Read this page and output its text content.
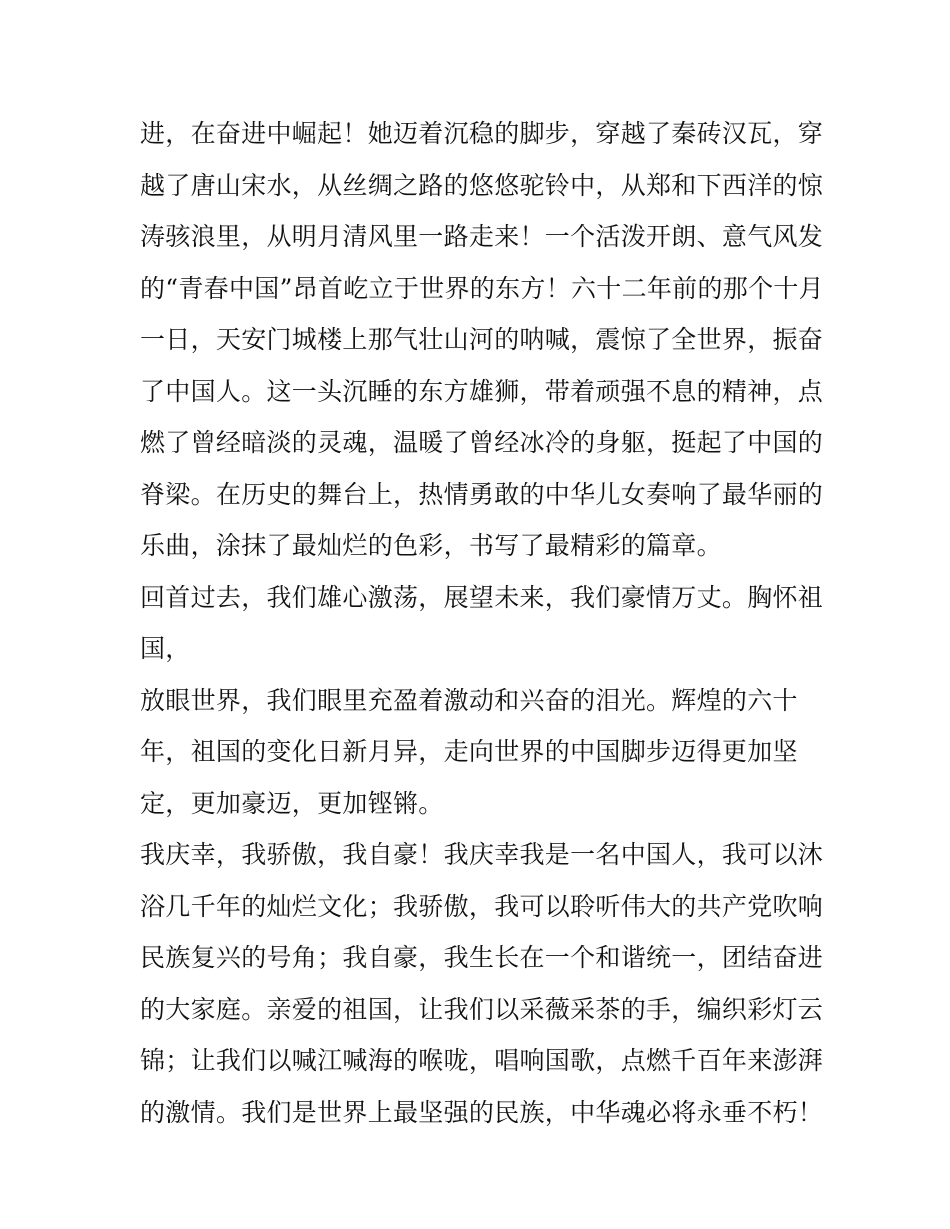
进，在奋进中崛起！她迈着沉稳的脚步，穿越了秦砖汉瓦，穿
越了唐山宋水，从丝绸之路的悠悠驼铃中，从郑和下西洋的惊
涛骇浪里，从明月清风里一路走来！一个活泼开朗、意气风发
的“青春中国”昂首屹立于世界的东方！六十二年前的那个十月
一日，天安门城楼上那气壮山河的呐喊，震惊了全世界，振奋
了中国人。这一头沉睡的东方雄狮，带着顽强不息的精神，点
燃了曾经暗淡的灵魂，温暖了曾经冰冷的身躯，挺起了中国的
脊梁。在历史的舞台上，热情勇敢的中华儿女奏响了最华丽的
乐曲，涂抹了最灿烂的色彩，书写了最精彩的篇章。
回首过去，我们雄心激荡，展望未来，我们豪情万丈。胸怀祖
国，
放眼世界，我们眼里充盈着激动和兴奋的泪光。辉煌的六十
年，祖国的变化日新月异，走向世界的中国脚步迈得更加坚
定，更加豪迈，更加铿锵。
我庆幸，我骄傲，我自豪！我庆幸我是一名中国人，我可以沐
浴几千年的灿烂文化；我骄傲，我可以聆听伟大的共产党吹响
民族复兴的号角；我自豪，我生长在一个和谐统一，团结奋进
的大家庭。亲爱的祖国，让我们以采薇采茶的手，编织彩灯云
锦；让我们以喊江喊海的喉咙，唱响国歌，点燃千百年来澎湃
的激情。我们是世界上最坚强的民族，中华魂必将永垂不朽！
